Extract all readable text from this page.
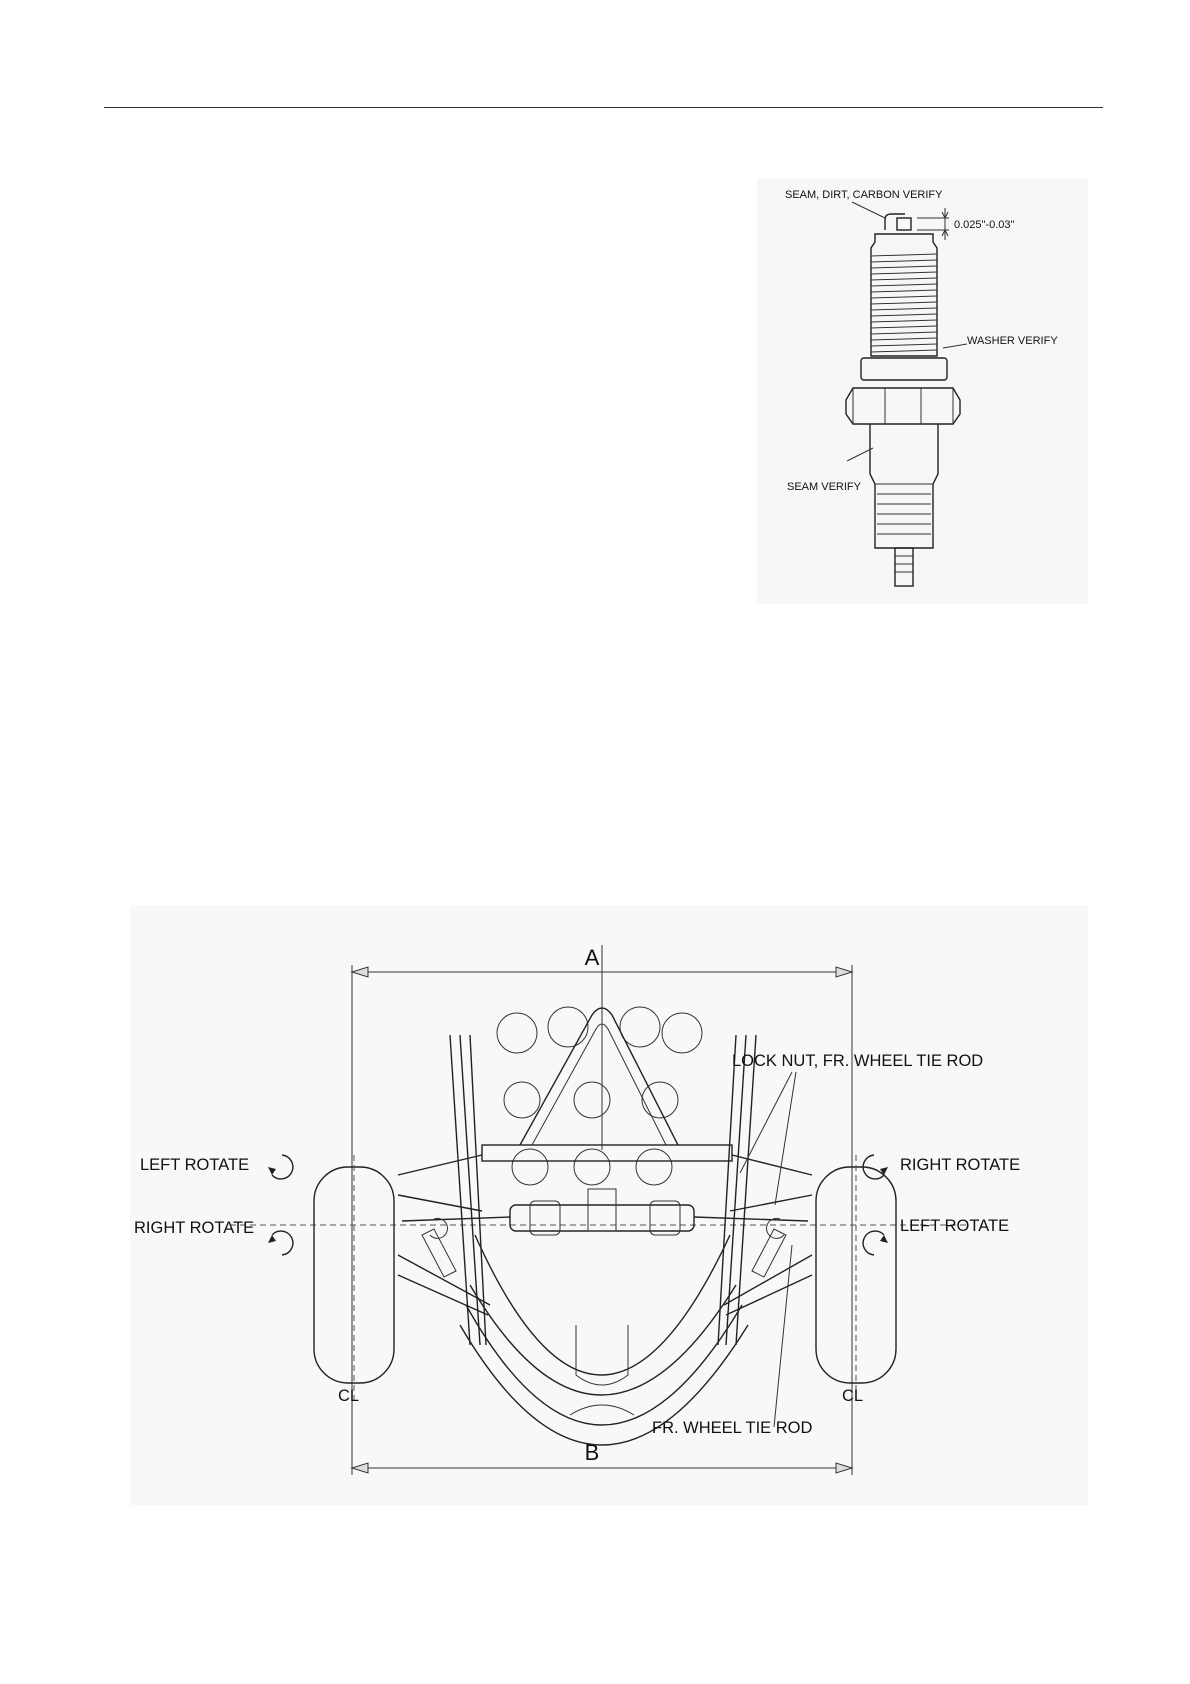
SEAM, DIRT, CARBON VERIFY
0.025"-0.03"
WASHER VERIFY
SEAM VERIFY
A
B
LOCK NUT, FR. WHEEL TIE ROD
LEFT ROTATE
RIGHT ROTATE
RIGHT ROTATE
LEFT ROTATE
CL	CL
FR. WHEEL TIE ROD
